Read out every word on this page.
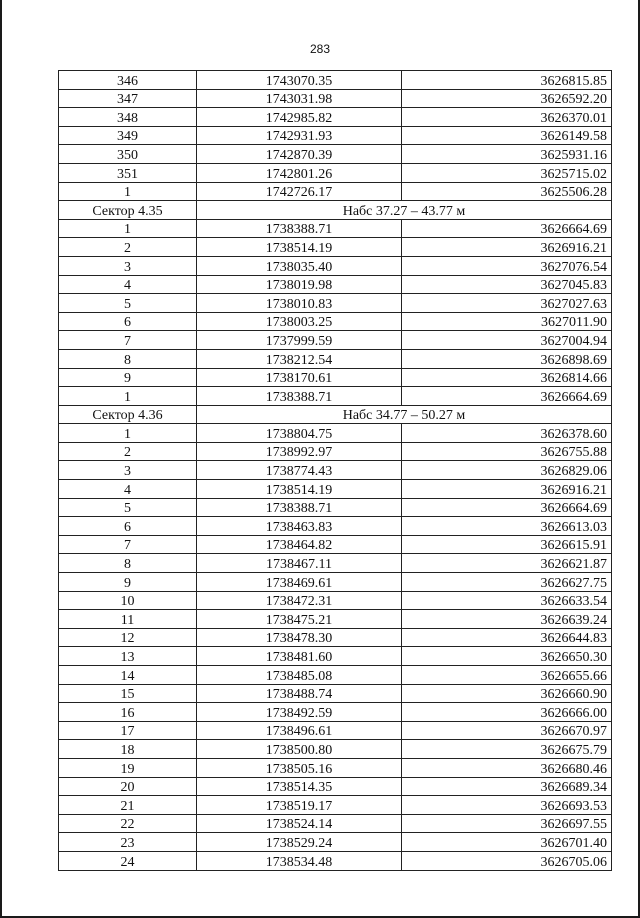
283
346	1743070.35	3626815.85
347	1743031.98	3626592.20
348	1742985.82	3626370.01
349	1742931.93	3626149.58
350	1742870.39	3625931.16
351	1742801.26	3625715.02
1	1742726.17	3625506.28
Сектор 4.35	Набс 37.27 – 43.77 м	
1	1738388.71	3626664.69
2	1738514.19	3626916.21
3	1738035.40	3627076.54
4	1738019.98	3627045.83
5	1738010.83	3627027.63
6	1738003.25	3627011.90
7	1737999.59	3627004.94
8	1738212.54	3626898.69
9	1738170.61	3626814.66
1	1738388.71	3626664.69
Сектор 4.36	Набс 34.77 – 50.27 м	
1	1738804.75	3626378.60
2	1738992.97	3626755.88
3	1738774.43	3626829.06
4	1738514.19	3626916.21
5	1738388.71	3626664.69
6	1738463.83	3626613.03
7	1738464.82	3626615.91
8	1738467.11	3626621.87
9	1738469.61	3626627.75
10	1738472.31	3626633.54
11	1738475.21	3626639.24
12	1738478.30	3626644.83
13	1738481.60	3626650.30
14	1738485.08	3626655.66
15	1738488.74	3626660.90
16	1738492.59	3626666.00
17	1738496.61	3626670.97
18	1738500.80	3626675.79
19	1738505.16	3626680.46
20	1738514.35	3626689.34
21	1738519.17	3626693.53
22	1738524.14	3626697.55
23	1738529.24	3626701.40
24	1738534.48	3626705.06
